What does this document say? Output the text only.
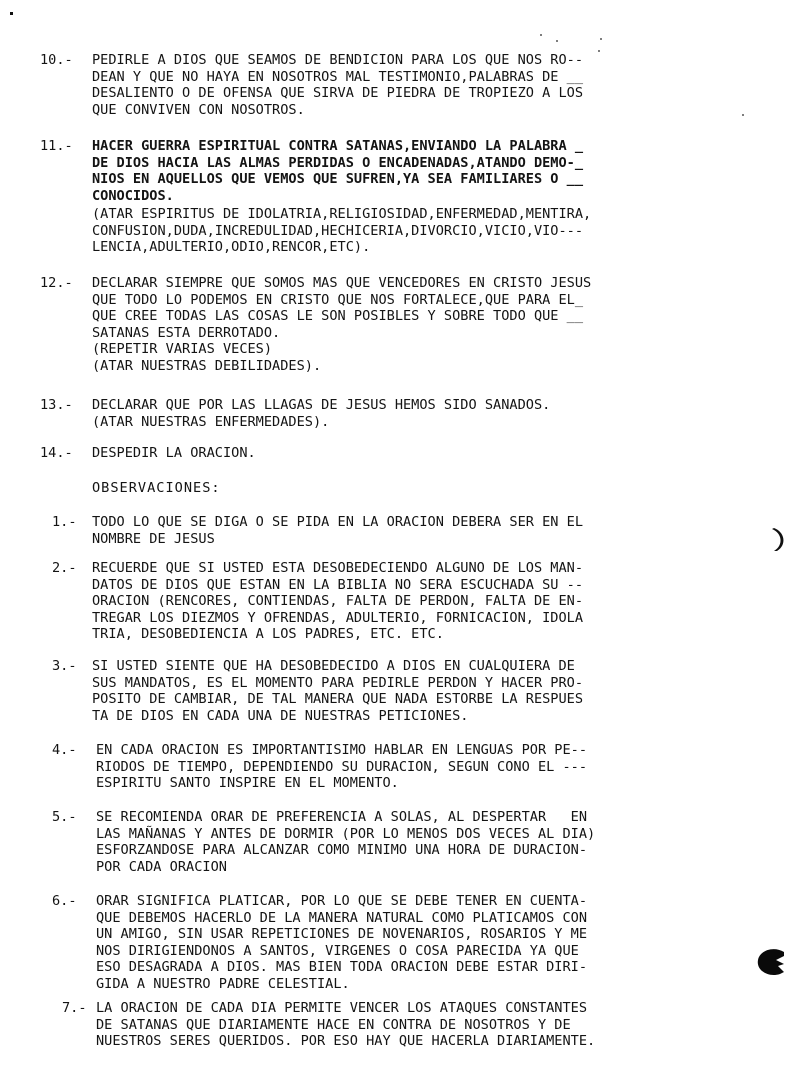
10.- PEDIRLE A DIOS QUE SEAMOS DE BENDICION PARA LOS QUE NOS RO--
DEAN Y QUE NO HAYA EN NOSOTROS MAL TESTIMONIO,PALABRAS DE __
DESALIENTO O DE OFENSA QUE SIRVA DE PIEDRA DE TROPIEZO A LOS
QUE CONVIVEN CON NOSOTROS.
11.- HACER GUERRA ESPIRITUAL CONTRA SATANAS,ENVIANDO LA PALABRA _
DE DIOS HACIA LAS ALMAS PERDIDAS O ENCADENADAS,ATANDO DEMO-_
NIOS EN AQUELLOS QUE VEMOS QUE SUFREN,YA SEA FAMILIARES O __
CONOCIDOS.
(ATAR ESPIRITUS DE IDOLATRIA,RELIGIOSIDAD,ENFERMEDAD,MENTIRA,
CONFUSION,DUDA,INCREDULIDAD,HECHICERIA,DIVORCIO,VICIO,VIO---
LENCIA,ADULTERIO,ODIO,RENCOR,ETC).
12.- DECLARAR SIEMPRE QUE SOMOS MAS QUE VENCEDORES EN CRISTO JESUS
QUE TODO LO PODEMOS EN CRISTO QUE NOS FORTALECE,QUE PARA EL_
QUE CREE TODAS LAS COSAS LE SON POSIBLES Y SOBRE TODO QUE __
SATANAS ESTA DERROTADO.
(REPETIR VARIAS VECES)
(ATAR NUESTRAS DEBILIDADES).
13.- DECLARAR QUE POR LAS LLAGAS DE JESUS HEMOS SIDO SANADOS.
(ATAR NUESTRAS ENFERMEDADES).
14.- DESPEDIR LA ORACION.
OBSERVACIONES:
1.- TODO LO QUE SE DIGA O SE PIDA EN LA ORACION DEBERA SER EN EL
NOMBRE DE JESUS
2.- RECUERDE QUE SI USTED ESTA DESOBEDECIENDO ALGUNO DE LOS MAN-
DATOS DE DIOS QUE ESTAN EN LA BIBLIA NO SERA ESCUCHADA SU --
ORACION (RENCORES, CONTIENDAS, FALTA DE PERDON, FALTA DE EN-
TREGAR LOS DIEZMOS Y OFRENDAS, ADULTERIO, FORNICACION, IDOLA
TRIA, DESOBEDIENCIA A LOS PADRES, ETC. ETC.
3.- SI USTED SIENTE QUE HA DESOBEDECIDO A DIOS EN CUALQUIERA DE
SUS MANDATOS, ES EL MOMENTO PARA PEDIRLE PERDON Y HACER PRO-
POSITO DE CAMBIAR, DE TAL MANERA QUE NADA ESTORBE LA RESPUES
TA DE DIOS EN CADA UNA DE NUESTRAS PETICIONES.
4.- EN CADA ORACION ES IMPORTANTISIMO HABLAR EN LENGUAS POR PE--
RIODOS DE TIEMPO, DEPENDIENDO SU DURACION, SEGUN CONO EL ---
ESPIRITU SANTO INSPIRE EN EL MOMENTO.
5.- SE RECOMIENDA ORAR DE PREFERENCIA A SOLAS, AL DESPERTAR   EN
LAS MAÑANAS Y ANTES DE DORMIR (POR LO MENOS DOS VECES AL DIA)
ESFORZANDOSE PARA ALCANZAR COMO MINIMO UNA HORA DE DURACION-
POR CADA ORACION
6.- ORAR SIGNIFICA PLATICAR, POR LO QUE SE DEBE TENER EN CUENTA-
QUE DEBEMOS HACERLO DE LA MANERA NATURAL COMO PLATICAMOS CON
UN AMIGO, SIN USAR REPETICIONES DE NOVENARIOS, ROSARIOS Y ME
NOS DIRIGIENDONOS A SANTOS, VIRGENES O COSA PARECIDA YA QUE
ESO DESAGRADA A DIOS. MAS BIEN TODA ORACION DEBE ESTAR DIRI-
GIDA A NUESTRO PADRE CELESTIAL.
7.- LA ORACION DE CADA DIA PERMITE VENCER LOS ATAQUES CONSTANTES
DE SATANAS QUE DIARIAMENTE HACE EN CONTRA DE NOSOTROS Y DE
NUESTROS SERES QUERIDOS. POR ESO HAY QUE HACERLA DIARIAMENTE.
